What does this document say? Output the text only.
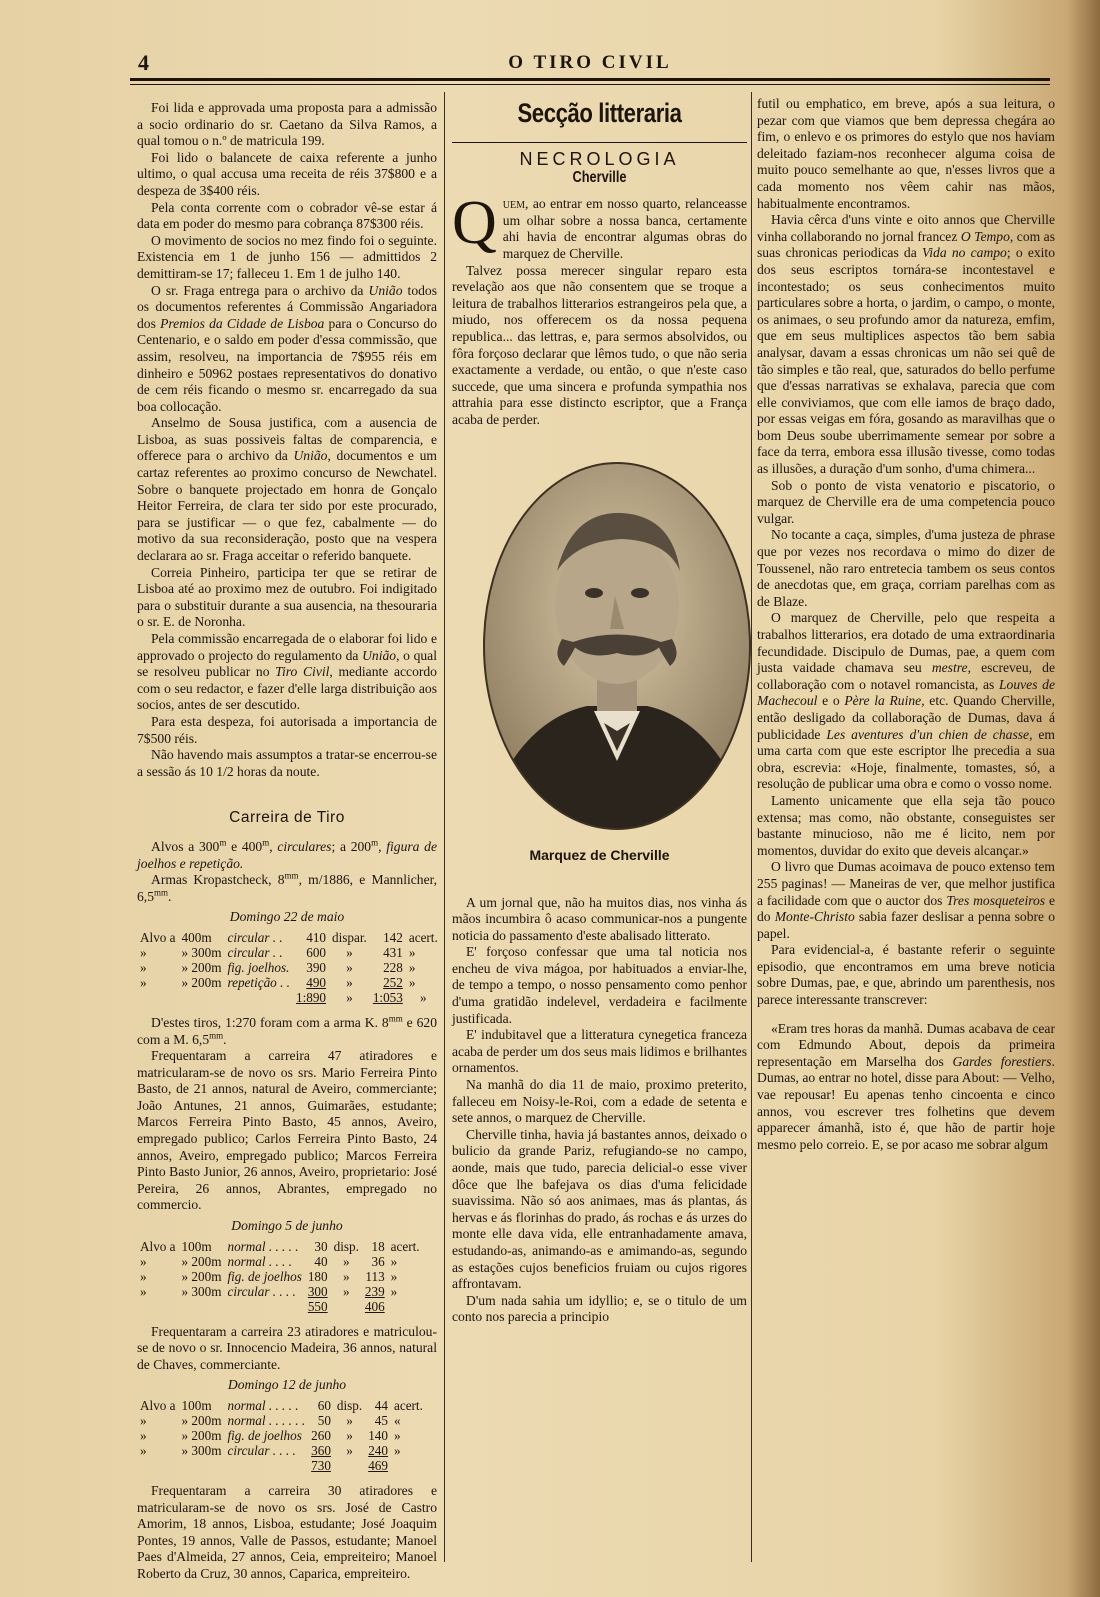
4	O TIRO CIVIL

Foi lida e approvada uma proposta para a admissão a socio ordinario do sr. Caetano da Silva Ramos, a qual tomou o n.º de matricula 199.

Foi lido o balancete de caixa referente a junho ultimo, o qual accusa uma receita de réis 37$800 e a despeza de 3$400 réis.

Pela conta corrente com o cobrador vê-se estar á data em poder do mesmo para cobrança 87$300 réis.

O movimento de socios no mez findo foi o seguinte. Existencia em 1 de junho 156 — admittidos 2 demittiram-se 17; falleceu 1. Em 1 de julho 140.

O sr. Fraga entrega para o archivo da União todos os documentos referentes á Commissão Angariadora dos Premios da Cidade de Lisboa para o Concurso do Centenario, e o saldo em poder d'essa commissão, que assim, resolveu, na importancia de 7$955 réis em dinheiro e 50962 postaes representativos do donativo de cem réis ficando o mesmo sr. encarregado da sua boa collocação.

Anselmo de Sousa justifica, com a ausencia de Lisboa, as suas possiveis faltas de comparencia, e offerece para o archivo da União, documentos e um cartaz referentes ao proximo concurso de Newchatel. Sobre o banquete projectado em honra de Gonçalo Heitor Ferreira, de clara ter sido por este procurado, para se justificar — o que fez, cabalmente — do motivo da sua reconsideração, posto que na vespera declarara ao sr. Fraga acceitar o referido banquete.

Correia Pinheiro, participa ter que se retirar de Lisboa até ao proximo mez de outubro. Foi indigitado para o substituir durante a sua ausencia, na thesouraria o sr. E. de Noronha.

Pela commissão encarregada de o elaborar foi lido e approvado o projecto do regulamento da União, o qual se resolveu publicar no Tiro Civil, mediante accordo com o seu redactor, e fazer d'elle larga distribuição aos socios, antes de ser descutido.

Para esta despeza, foi autorisada a importancia de 7$500 réis.

Não havendo mais assumptos a tratar-se encerrou-se a sessão ás 10 1/2 horas da noute.

Carreira de Tiro

Alvos a 300$^m$ e 400$^m$, circulares; a 200$^m$, figura de joelhos e repetição.

Armas Kropastcheck, $8^{mm}$, m/1886, e Mannlicher, $6,5^{mm}$.

Domingo 22 de maio
Alvo a	400m	circular . .	410	dispar.	142	acert.
»	» 300m	circular . .	600	»	431	»
»	» 200m	fig. joelhos.	390	»	228	»
»	» 200m	repetição . .	490	»	252	»
			1:890	»	1:053	»

D'estes tiros, 1:270 foram com a arma K. $8^{mm}$ e 620 com a M. $6,5^{mm}$.

Frequentaram a carreira 47 atiradores e matricularam-se de novo os srs. Mario Ferreira Pinto Basto, de 21 annos, natural de Aveiro, commerciante; João Antunes, 21 annos, Guimarães, estudante; Marcos Ferreira Pinto Basto, 45 annos, Aveiro, empregado publico; Carlos Ferreira Pinto Basto, 24 annos, Aveiro, empregado publico; Marcos Ferreira Pinto Basto Junior, 26 annos, Aveiro, proprietario: José Pereira, 26 annos, Abrantes, empregado no commercio.

Domingo 5 de junho
Alvo a	100m	normal . . . . .	30	disp.	18	acert.
»	» 200m	normal . . . .	40	»	36	»
»	» 200m	fig. de joelhos	180	»	113	»
»	» 300m	circular . . . .	300	»	239	»
			550		406	

Frequentaram a carreira 23 atiradores e matriculou-se de novo o sr. Innocencio Madeira, 36 annos, natural de Chaves, commerciante.

Domingo 12 de junho
Alvo a	100m	normal . . . . .	60	disp.	44	acert.
»	» 200m	normal . . . . . .	50	»	45	«
»	» 200m	fig. de joelhos	260	»	140	»
»	» 300m	circular . . . .	360	»	240	»
			730		469	

Frequentaram a carreira 30 atiradores e matricularam-se de novo os srs. José de Castro Amorim, 18 annos, Lisboa, estudante; José Joaquim Pontes, 19 annos, Valle de Passos, estudante; Manoel Paes d'Almeida, 27 annos, Ceia, empreiteiro; Manoel Roberto da Cruz, 30 annos, Caparica, empreiteiro.

Secção litteraria
NECROLOGIA
Cherville

Quem, ao entrar em nosso quarto, relanceasse um olhar sobre a nossa banca, certamente ahi havia de encontrar algumas obras do marquez de Cherville.

Talvez possa merecer singular reparo esta revelação aos que não consentem que se troque a leitura de trabalhos litterarios estrangeiros pela que, a miudo, nos offerecem os da nossa pequena republica... das lettras, e, para sermos absolvidos, ou fôra forçoso declarar que lêmos tudo, o que não seria exactamente a verdade, ou então, o que n'este caso succede, que uma sincera e profunda sympathia nos attrahia para esse distincto escriptor, que a França acaba de perder.

Marquez de Cherville

A um jornal que, não ha muitos dias, nos vinha ás mãos incumbira ô acaso communicar-nos a pungente noticia do passamento d'este abalisado litterato.

E' forçoso confessar que uma tal noticia nos encheu de viva mágoa, por habituados a enviar-lhe, de tempo a tempo, o nosso pensamento como penhor d'uma gratidão indelevel, verdadeira e facilmente justificada.

E' indubitavel que a litteratura cynegetica franceza acaba de perder um dos seus mais lidimos e brilhantes ornamentos.

Na manhã do dia 11 de maio, proximo preterito, falleceu em Noisy-le-Roi, com a edade de setenta e sete annos, o marquez de Cherville.

Cherville tinha, havia já bastantes annos, deixado o bulicio da grande Pariz, refugiando-se no campo, aonde, mais que tudo, parecia delicial-o esse viver dôce que lhe bafejava os dias d'uma felicidade suavissima. Não só aos animaes, mas ás plantas, ás hervas e ás florinhas do prado, ás rochas e ás urzes do monte elle dava vida, elle entranhadamente amava, estudando-as, animando-as e amimando-as, segundo as estações cujos beneficios fruiam ou cujos rigores affrontavam.

D'um nada sahia um idyllio; e, se o titulo de um conto nos parecia a principio

futil ou emphatico, em breve, após a sua leitura, o pezar com que viamos que bem depressa chegára ao fim, o enlevo e os primores do estylo que nos haviam deleitado faziam-nos reconhecer alguma coisa de muito pouco semelhante ao que, n'esses livros que a cada momento nos vêem cahir nas mãos, habitualmente encontramos.

Havia cêrca d'uns vinte e oito annos que Cherville vinha collaborando no jornal francez O Tempo, com as suas chronicas periodicas da Vida no campo; o exito dos seus escriptos tornára-se incontestavel e incontestado; os seus conhecimentos muito particulares sobre a horta, o jardim, o campo, o monte, os animaes, o seu profundo amor da natureza, emfim, que em seus multiplices aspectos tão bem sabia analysar, davam a essas chronicas um não sei quê de tão simples e tão real, que, saturados do bello perfume que d'essas narrativas se exhalava, parecia que com elle conviviamos, que com elle iamos de braço dado, por essas veigas em fóra, gosando as maravilhas que o bom Deus soube uberrimamente semear por sobre a face da terra, embora essa illusão tivesse, como todas as illusões, a duração d'um sonho, d'uma chimera...

Sob o ponto de vista venatorio e piscatorio, o marquez de Cherville era de uma competencia pouco vulgar.

No tocante a caça, simples, d'uma justeza de phrase que por vezes nos recordava o mimo do dizer de Toussenel, não raro entretecia tambem os seus contos de anecdotas que, em graça, corriam parelhas com as de Blaze.

O marquez de Cherville, pelo que respeita a trabalhos litterarios, era dotado de uma extraordinaria fecundidade. Discipulo de Dumas, pae, a quem com justa vaidade chamava seu mestre, escreveu, de collaboração com o notavel romancista, as Louves de Machecoul e o Père la Ruine, etc. Quando Cherville, então desligado da collaboração de Dumas, dava á publicidade Les aventures d'un chien de chasse, em uma carta com que este escriptor lhe precedia a sua obra, escrevia: «Hoje, finalmente, tomastes, só, a resolução de publicar uma obra e como o vosso nome.

Lamento unicamente que ella seja tão pouco extensa; mas como, não obstante, conseguistes ser bastante minucioso, não me é licito, nem por momentos, duvidar do exito que deveis alcançar.»

O livro que Dumas acoimava de pouco extenso tem 255 paginas! — Maneiras de ver, que melhor justifica a facilidade com que o auctor dos Tres mosqueteiros e do Monte-Christo sabia fazer deslisar a penna sobre o papel.

Para evidencial-a, é bastante referir o seguinte episodio, que encontramos em uma breve noticia sobre Dumas, pae, e que, abrindo um parenthesis, nos parece interessante transcrever:

«Eram tres horas da manhã. Dumas acabava de cear com Edmundo About, depois da primeira representação em Marselha dos Gardes forestiers. Dumas, ao entrar no hotel, disse para About: — Velho, vae repousar! Eu apenas tenho cincoenta e cinco annos, vou escrever tres folhetins que devem apparecer ámanhã, isto é, que hão de partir hoje mesmo pelo correio. E, se por acaso me sobrar algum
